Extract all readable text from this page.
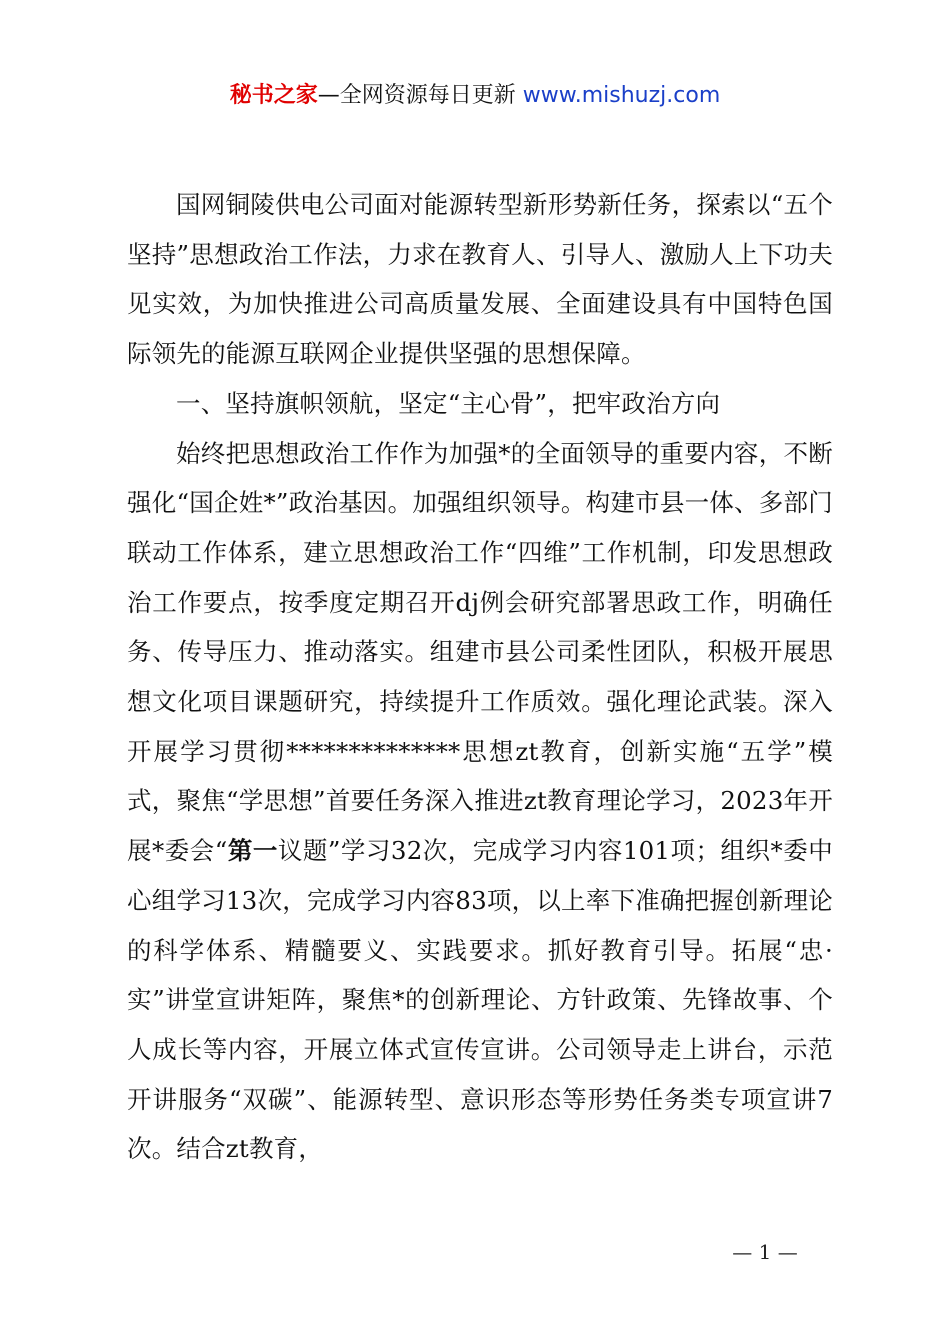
秘书之家—全网资源每日更新 www.mishuzj.com

国网铜陵供电公司面对能源转型新形势新任务，探索以“五个坚持”思想政治工作法，力求在教育人、引导人、激励人上下功夫见实效，为加快推进公司高质量发展、全面建设具有中国特色国际领先的能源互联网企业提供坚强的思想保障。

一、坚持旗帜领航，坚定“主心骨”，把牢政治方向

始终把思想政治工作作为加强*的全面领导的重要内容，不断强化“国企姓*”政治基因。加强组织领导。构建市县一体、多部门联动工作体系，建立思想政治工作“四维”工作机制，印发思想政治工作要点，按季度定期召开dj例会研究部署思政工作，明确任务、传导压力、推动落实。组建市县公司柔性团队，积极开展思想文化项目课题研究，持续提升工作质效。强化理论武装。深入开展学习贯彻**************思想zt教育，创新实施“五学”模式，聚焦“学思想”首要任务深入推进zt教育理论学习，2023年开展*委会“第一议题”学习32次，完成学习内容101项；组织*委中心组学习13次，完成学习内容83项，以上率下准确把握创新理论的科学体系、精髓要义、实践要求。抓好教育引导。拓展“忠·实”讲堂宣讲矩阵，聚焦*的创新理论、方针政策、先锋故事、个人成长等内容，开展立体式宣传宣讲。公司领导走上讲台，示范开讲服务“双碳”、能源转型、意识形态等形势任务类专项宣讲7次。结合zt教育，

— 1 —
